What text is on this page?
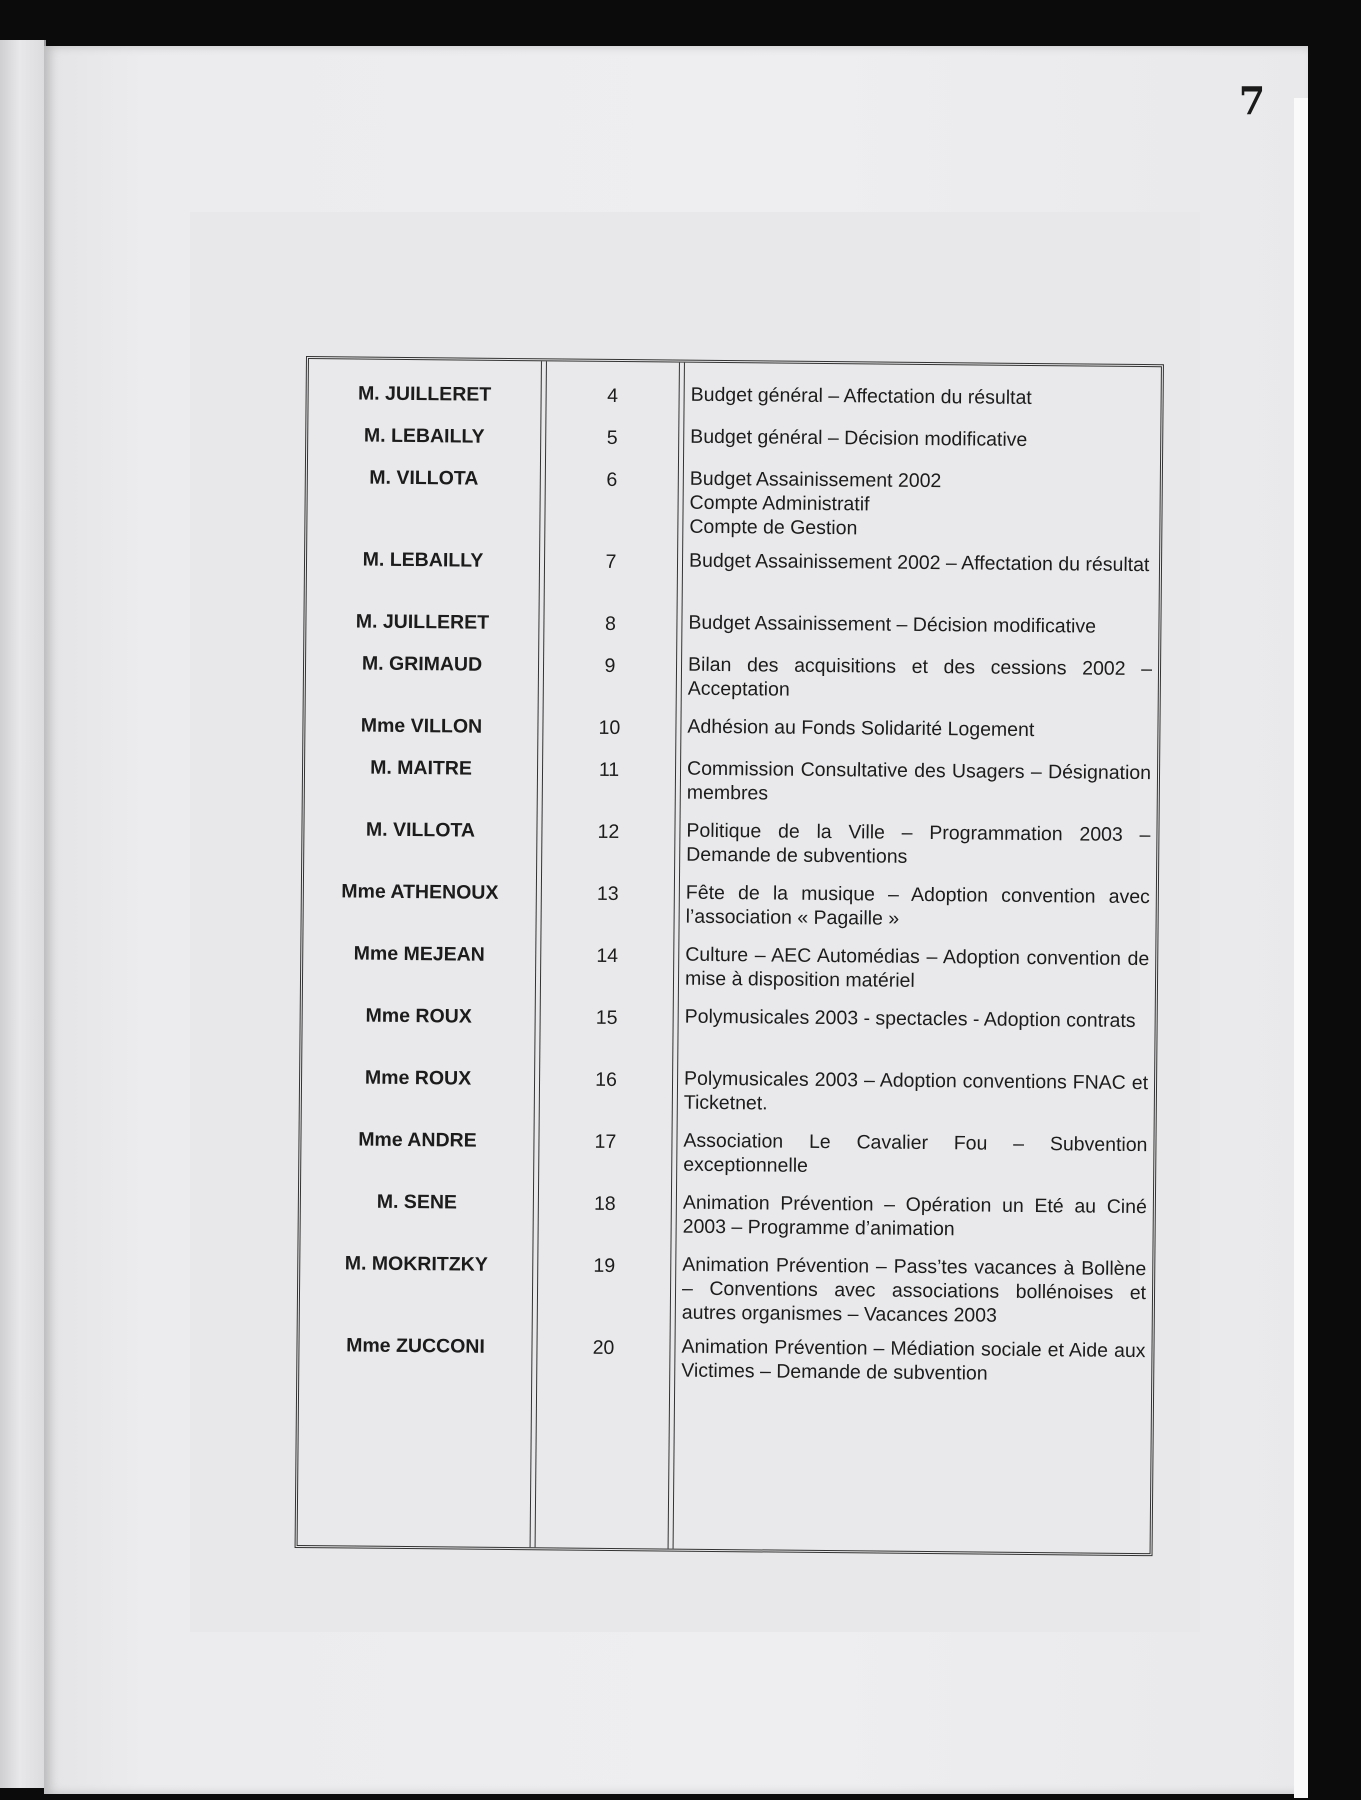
7
M. JUILLERET	4	Budget général – Affectation du résultat
M. LEBAILLY	5	Budget général – Décision modificative
M. VILLOTA	6	Budget Assainissement 2002
Compte Administratif
Compte de Gestion
M. LEBAILLY	7	Budget Assainissement 2002 – Affectation du résultat
M. JUILLERET	8	Budget Assainissement – Décision modificative
M. GRIMAUD	9	Bilan des acquisitions et des cessions 2002 – Acceptation
Mme VILLON	10	Adhésion au Fonds Solidarité Logement
M. MAITRE	11	Commission Consultative des Usagers – Désignation membres
M. VILLOTA	12	Politique de la Ville – Programmation 2003 – Demande de subventions
Mme ATHENOUX	13	Fête de la musique – Adoption convention avec l’association « Pagaille »
Mme MEJEAN	14	Culture – AEC Automédias – Adoption convention de mise à disposition matériel
Mme ROUX	15	Polymusicales 2003 - spectacles - Adoption contrats
Mme ROUX	16	Polymusicales 2003 – Adoption conventions FNAC et Ticketnet.
Mme ANDRE	17	Association Le Cavalier Fou – Subvention exceptionnelle
M. SENE	18	Animation Prévention – Opération un Eté au Ciné 2003 – Programme d’animation
M. MOKRITZKY	19	Animation Prévention – Pass’tes vacances à Bollène – Conventions avec associations bollénoises et autres organismes – Vacances 2003
Mme ZUCCONI	20	Animation Prévention – Médiation sociale et Aide aux Victimes – Demande de subvention
